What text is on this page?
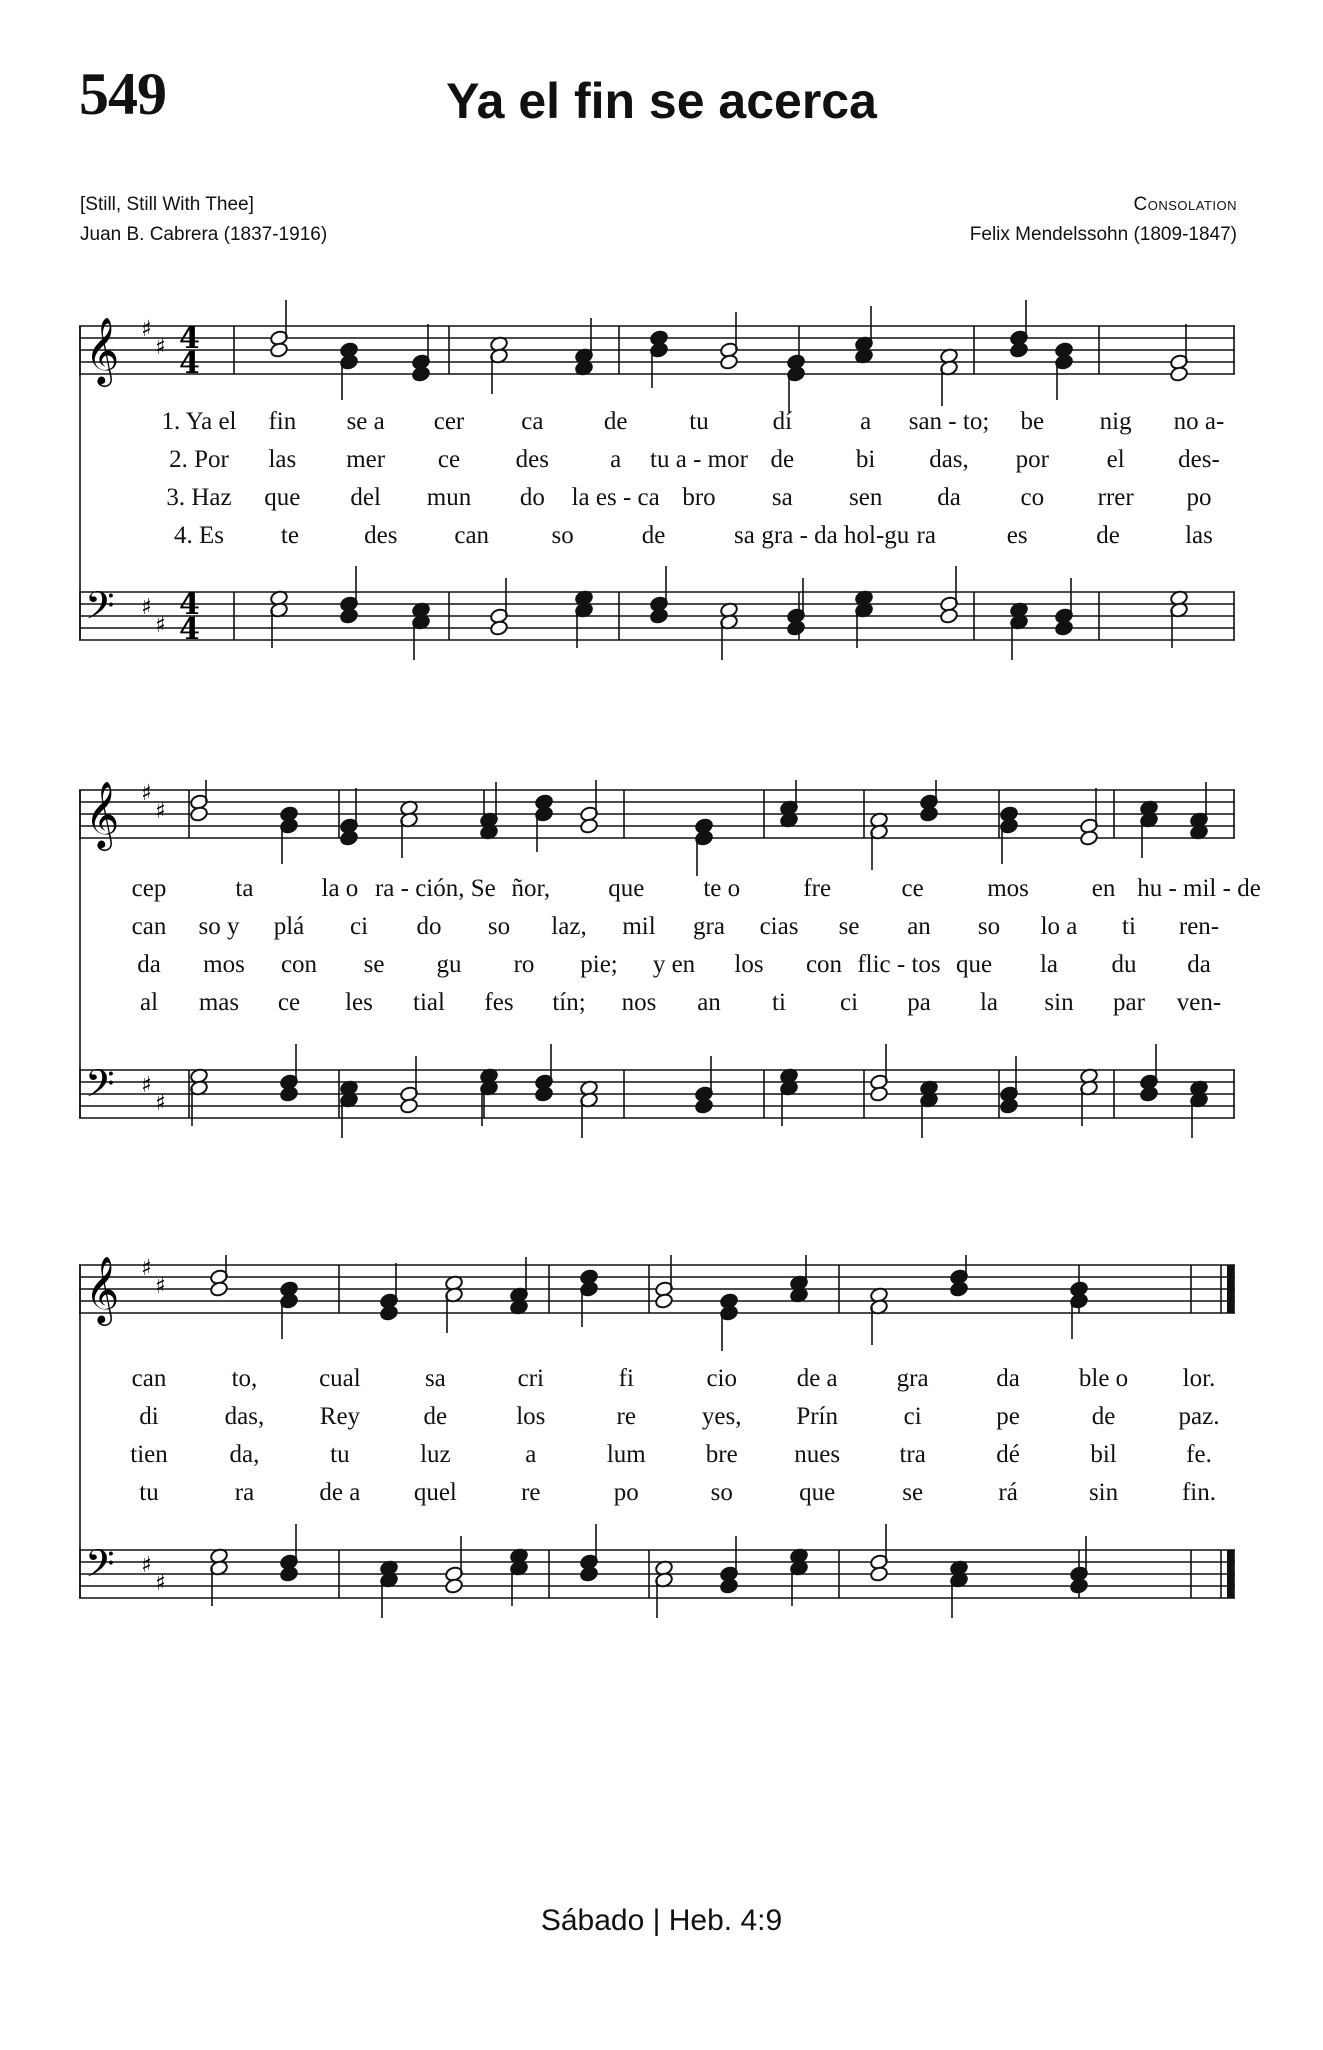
549	Ya el fin se acerca
[Still, Still With Thee]
Juan B. Cabrera (1837-1916)
Consolation
Felix Mendelssohn (1809-1847)
𝄞 ♯
♯ 4
4
𝄢 ♯
♯
4
4
1. Ya el fin se a cer ca de tu	dí	a san - to; be nig no a-
2. Por las mer ce des a tu a - mor de bi das, por el des-
3. Haz que del mun do la es - ca bro sa sen da co rrer po
4. Es te	des can so	de	sa gra - da hol-gu ra	es	de	las
𝄞 ♯
♯
𝄢 ♯
♯
cep	ta	la o ra - ción, Se ñor, que te o	fre	ce	mos	en hu - mil - de
can so y plá ci do so laz, mil gra cias se an so lo a ti ren-
da mos con se gu ro pie; y en los con flic - tos que la du da
al mas ce les tial fes tín; nos an ti ci pa la sin par ven-
𝄞 ♯
♯
𝄢 ♯
♯
can	to, cual	sa	cri	fi	cio de a gra	da ble o lor.
di	das, Rey	de	los	re	yes, Prín	ci	pe	de	paz.
tien da,	tu	luz	a	lum bre nues tra	dé	bil	fe.
tu	ra	de a quel	re	po	so	que	se	rá	sin	fin.
Sábado | Heb. 4:9
